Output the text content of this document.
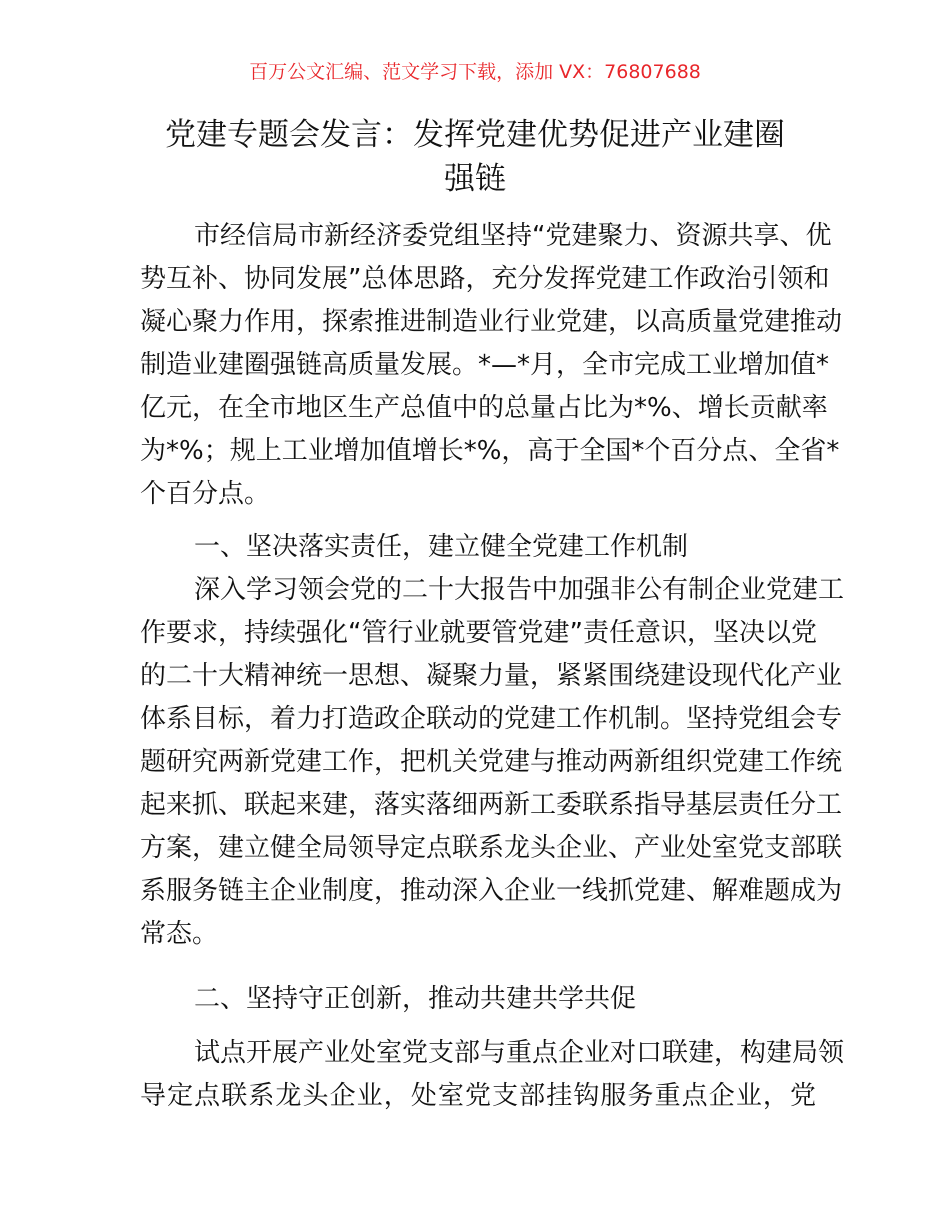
百万公文汇编、范文学习下载，添加 VX：76807688
党建专题会发言：发挥党建优势促进产业建圈
强链
市经信局市新经济委党组坚持“党建聚力、资源共享、优
势互补、协同发展”总体思路，充分发挥党建工作政治引领和
凝心聚力作用，探索推进制造业行业党建，以高质量党建推动
制造业建圈强链高质量发展。*—*月，全市完成工业增加值*
亿元，在全市地区生产总值中的总量占比为*%、增长贡献率
为*%；规上工业增加值增长*%，高于全国*个百分点、全省*
个百分点。
一、坚决落实责任，建立健全党建工作机制
深入学习领会党的二十大报告中加强非公有制企业党建工
作要求，持续强化“管行业就要管党建”责任意识，坚决以党
的二十大精神统一思想、凝聚力量，紧紧围绕建设现代化产业
体系目标，着力打造政企联动的党建工作机制。坚持党组会专
题研究两新党建工作，把机关党建与推动两新组织党建工作统
起来抓、联起来建，落实落细两新工委联系指导基层责任分工
方案，建立健全局领导定点联系龙头企业、产业处室党支部联
系服务链主企业制度，推动深入企业一线抓党建、解难题成为
常态。
二、坚持守正创新，推动共建共学共促
试点开展产业处室党支部与重点企业对口联建，构建局领
导定点联系龙头企业，处室党支部挂钩服务重点企业，党
